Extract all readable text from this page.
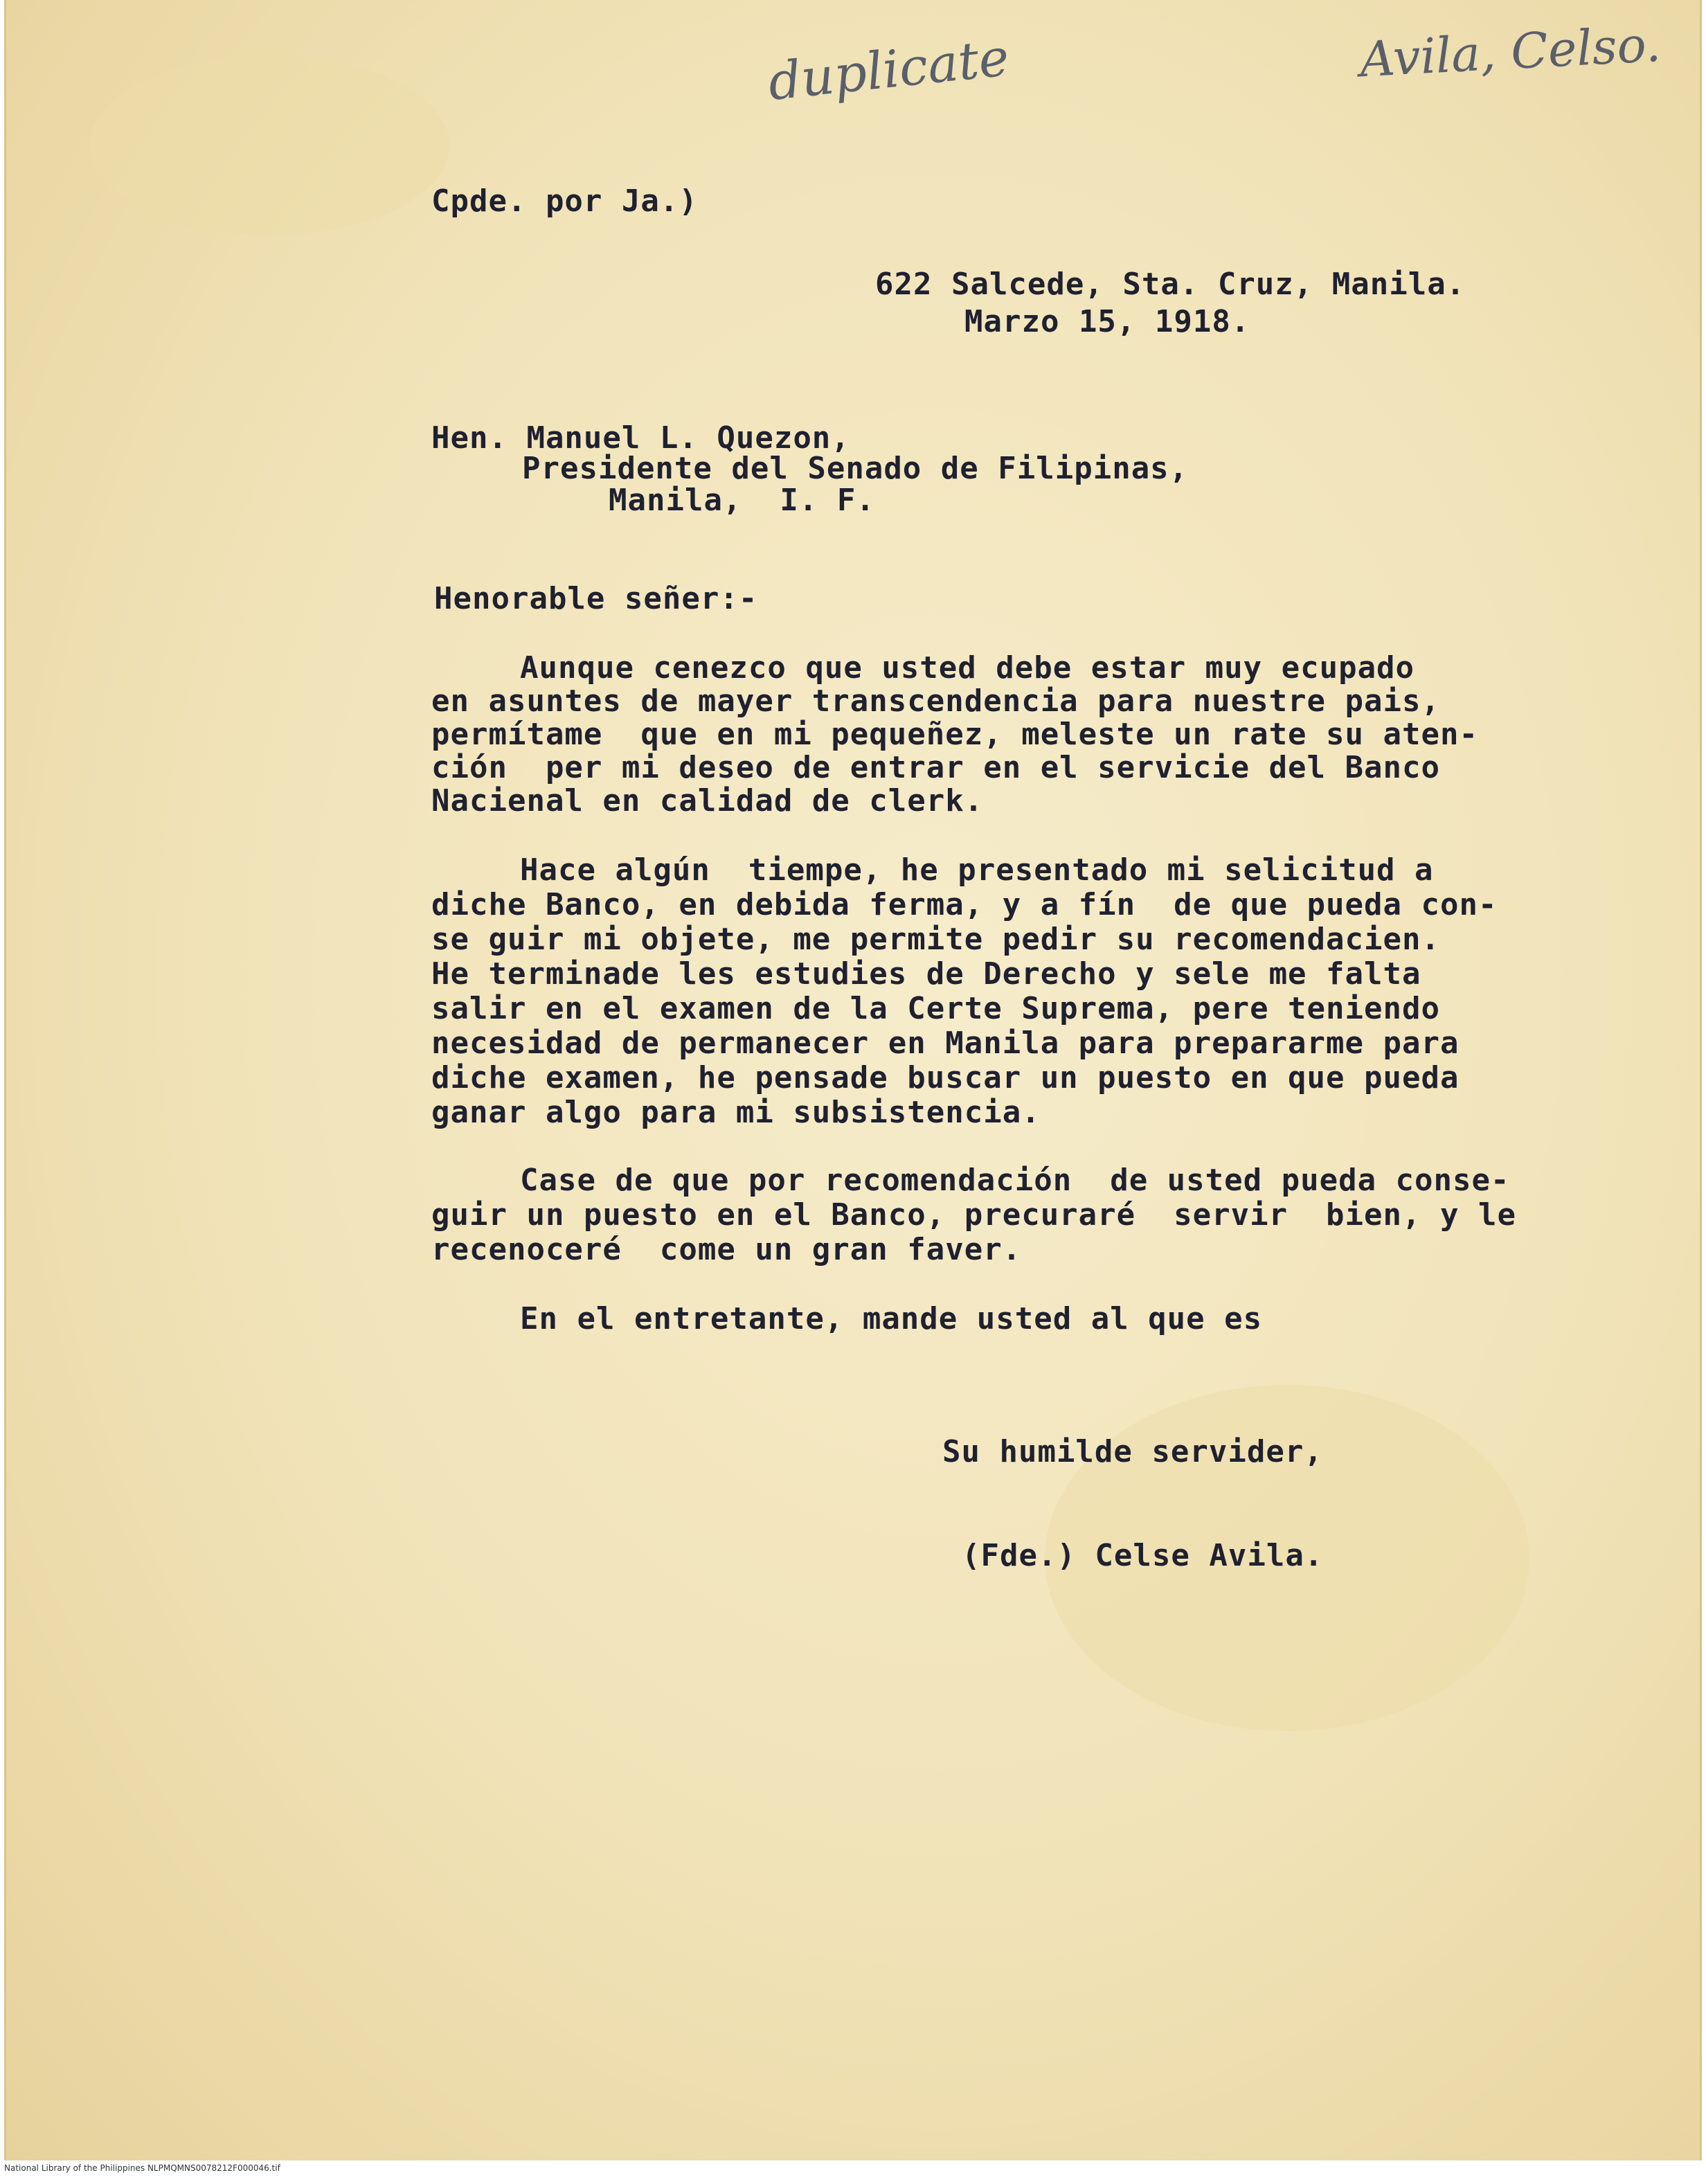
duplicate	Avila, Celso.
Cpde. por Ja.)
622 Salcede, Sta. Cruz, Manila.
Marzo 15, 1918.
Hen. Manuel L. Quezon,
Presidente del Senado de Filipinas,
Manila,  I. F.
Henorable señer:-
Aunque cenezco que usted debe estar muy ecupado
en asuntes de mayer transcendencia para nuestre pais,
permítame  que en mi pequeñez, meleste un rate su aten-
ción  per mi deseo de entrar en el servicie del Banco
Nacienal en calidad de clerk.
Hace algún  tiempe, he presentado mi selicitud a
diche Banco, en debida ferma, y a fín  de que pueda con-
se guir mi objete, me permite pedir su recomendacien.
He terminade les estudies de Derecho y sele me falta
salir en el examen de la Certe Suprema, pere teniendo
necesidad de permanecer en Manila para prepararme para
diche examen, he pensade buscar un puesto en que pueda
ganar algo para mi subsistencia.
Case de que por recomendación  de usted pueda conse-
guir un puesto en el Banco, precuraré  servir  bien, y le
recenoceré  come un gran faver.
En el entretante, mande usted al que es
Su humilde servider,
(Fde.) Celse Avila.
National Library of the Philippines NLPMQMNS0078212F000046.tif
